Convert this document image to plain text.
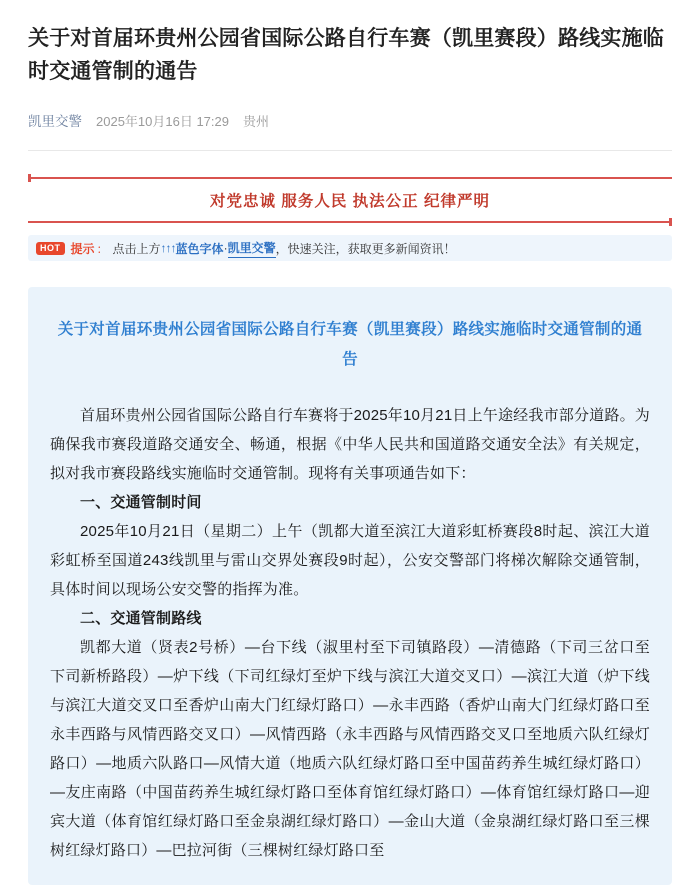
关于对首届环贵州公园省国际公路自行车赛（凯里赛段）路线实施临时交通管制的通告
凯里交警 2025年10月16日 17:29 贵州
对党忠诚 服务人民 执法公正 纪律严明
HOT 提示 ： 点击上方 ↑↑↑ 蓝色字体 · 凯里交警 ，快速关注，获取更多新闻资讯！
关于对首届环贵州公园省国际公路自行车赛（凯里赛段）路线实施临时交通管制的通告

首届环贵州公园省国际公路自行车赛将于2025年10月21日上午途经我市部分道路。为确保我市赛段道路交通安全、畅通，根据《中华人民共和国道路交通安全法》有关规定，拟对我市赛段路线实施临时交通管制。现将有关事项通告如下：

一、交通管制时间

2025年10月21日（星期二）上午（凯都大道至滨江大道彩虹桥赛段8时起、滨江大道彩虹桥至国道243线凯里与雷山交界处赛段9时起），公安交警部门将梯次解除交通管制，具体时间以现场公安交警的指挥为准。

二、交通管制路线

凯都大道（贤表2号桥）—台下线（淑里村至下司镇路段）—清德路（下司三岔口至下司新桥路段）—炉下线（下司红绿灯至炉下线与滨江大道交叉口）—滨江大道（炉下线与滨江大道交叉口至香炉山南大门红绿灯路口）—永丰西路（香炉山南大门红绿灯路口至永丰西路与风情西路交叉口）—风情西路（永丰西路与风情西路交叉口至地质六队红绿灯路口）—地质六队路口—风情大道（地质六队红绿灯路口至中国苗药养生城红绿灯路口）—友庄南路（中国苗药养生城红绿灯路口至体育馆红绿灯路口）—体育馆红绿灯路口—迎宾大道（体育馆红绿灯路口至金泉湖红绿灯路口）—金山大道（金泉湖红绿灯路口至三棵树红绿灯路口）—巴拉河街（三棵树红绿灯路口至
